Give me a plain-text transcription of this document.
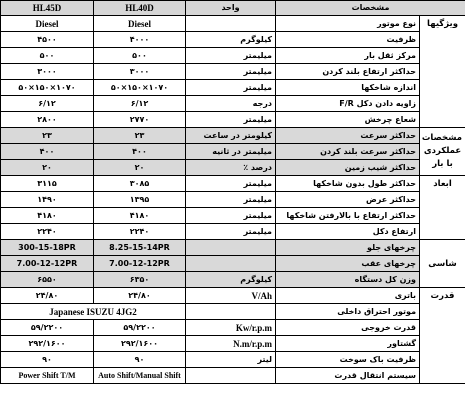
مشخصات		واحد	HL40D	HL45D
ویژگیها	نوع موتور		Diesel	Diesel
	ظرفیت	کیلوگرم	۴۰۰۰	۴۵۰۰
	مرکز ثقل بار	میلیمتر	۵۰۰	۵۰۰
	حداکثر ارتفاع بلند کردن	میلیمتر	۳۰۰۰	۳۰۰۰
	اندازه شاخکها	میلیمتر	۱۰۷۰×۱۵۰×۵۰	۱۰۷۰×۱۵۰×۵۰
	زاویه دادن دکل F/R	درجه	۶/۱۲	۶/۱۲
	شعاع چرخش	میلیمتر	۲۷۷۰	۲۸۰۰
مشخصات عملکردی با بار	حداکثر سرعت	کیلومتر در ساعت	۲۳	۲۳
	حداکثر سرعت بلند کردن	میلیمتر در ثانیه	۴۰۰	۴۰۰
	حداکثر شیب زمین	درصد ٪	۲۰	۲۰
ابعاد	حداکثر طول بدون شاخکها	میلیمتر	۳۰۸۵	۳۱۱۵
	حداکثر عرض	میلیمتر	۱۳۹۵	۱۴۹۰
	حداکثر ارتفاع با بالارفتن شاخکها	میلیمتر	۴۱۸۰	۴۱۸۰
	ارتفاع دکل	میلیمتر	۲۲۴۰	۲۲۴۰
شاسی	چرخهای جلو		8.25-15-14PR	300-15-18PR
	چرخهای عقب		7.00-12-12PR	7.00-12-12PR
	وزن کل دستگاه	کیلوگرم	۶۳۵۰	۶۵۵۰
قدرت	باتری	V/Ah	۲۴/۸۰	۲۴/۸۰
	موتور احتراق داخلی		Japanese ISUZU 4JG2	
	قدرت خروجی	Kw/r.p.m	۵۹/۲۲۰۰	۵۹/۲۲۰۰
	گشتاور	N.m/r.p.m	۲۹۲/۱۶۰۰	۲۹۲/۱۶۰۰
	ظرفیت باک سوخت	لیتر	۹۰	۹۰
	سیستم انتقال قدرت		Auto Shift/Manual Shift	Power Shift T/M
